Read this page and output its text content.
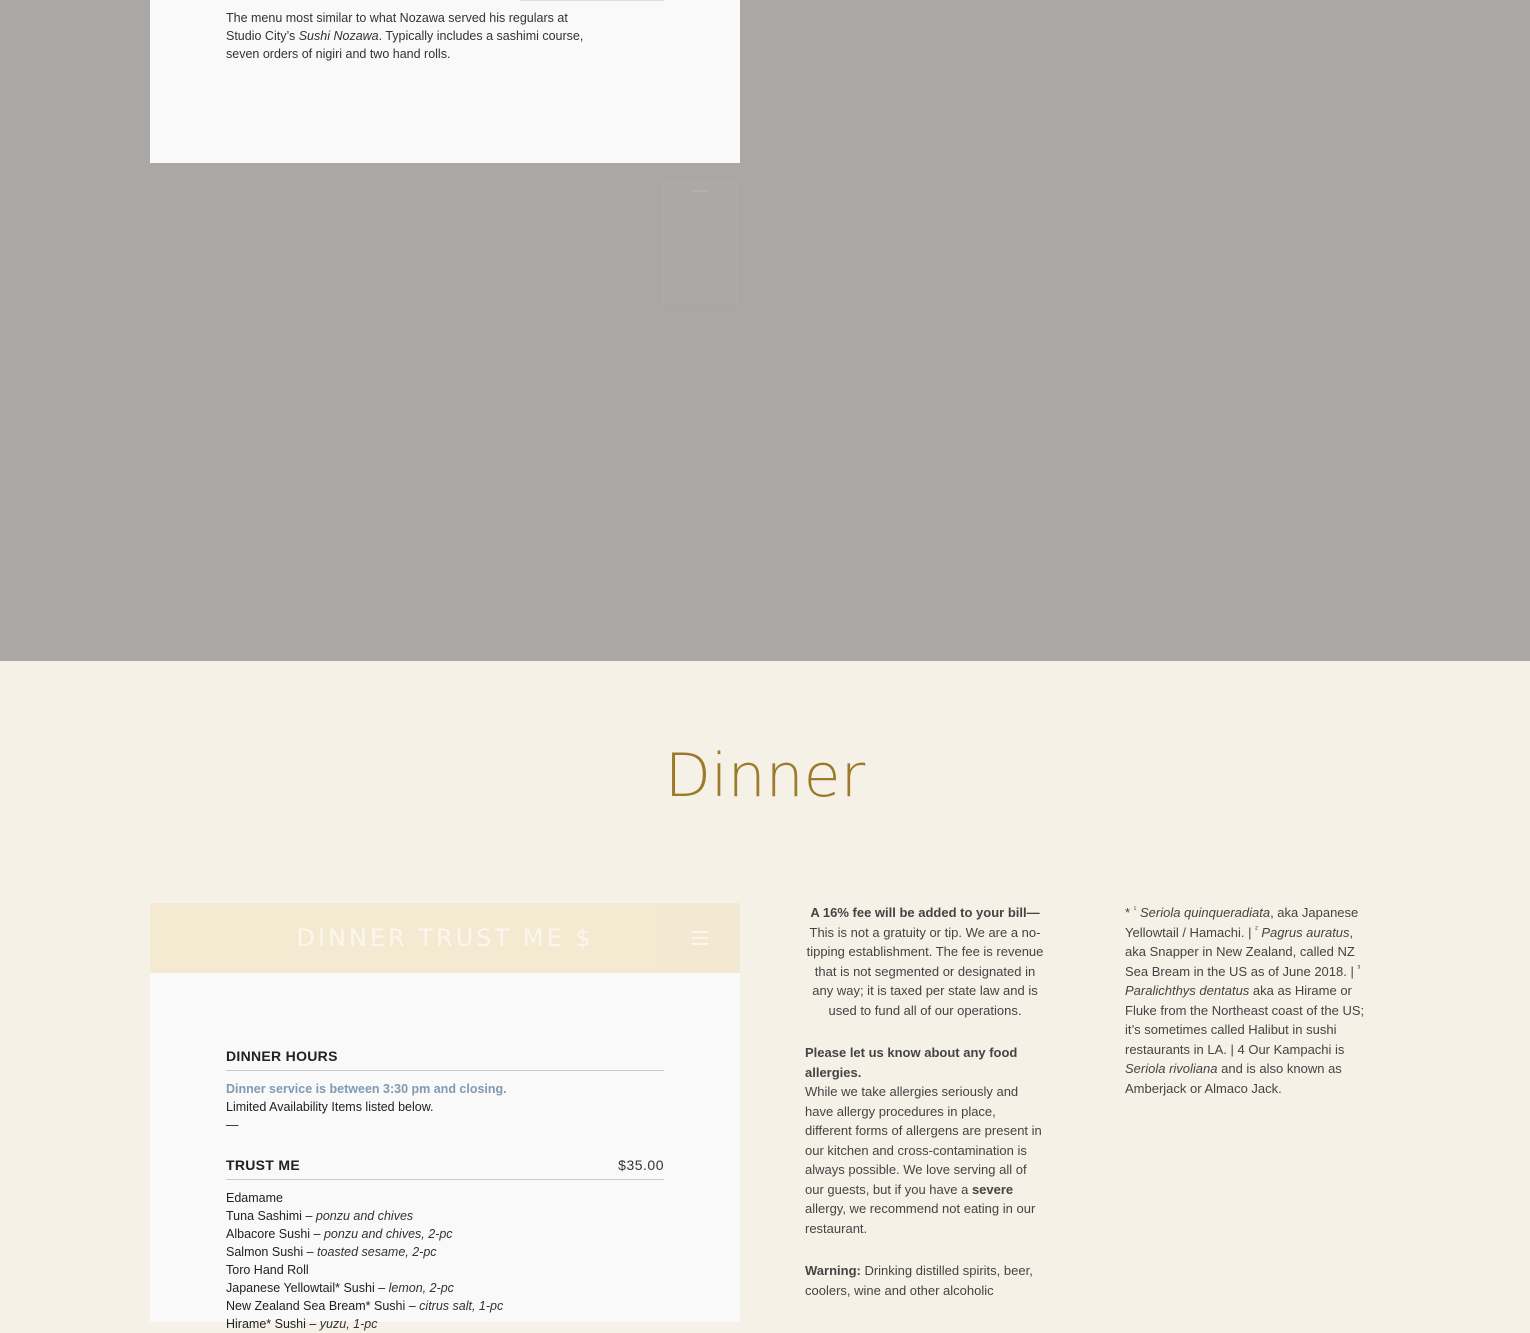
The menu most similar to what Nozawa served his regulars at Studio City’s Sushi Nozawa. Typically includes a sashimi course, seven orders of nigiri and two hand rolls.
Dinner
DINNER TRUST ME $
DINNER HOURS
Dinner service is between 3:30 pm and closing.
Limited Availability Items listed below.
—
TRUST ME	$35.00
Edamame
Tuna Sashimi – ponzu and chives
Albacore Sushi – ponzu and chives, 2-pc
Salmon Sushi – toasted sesame, 2-pc
Toro Hand Roll
Japanese Yellowtail* Sushi – lemon, 2-pc
New Zealand Sea Bream* Sushi – citrus salt, 1-pc
Hirame* Sushi – yuzu, 1-pc

A 16% fee will be added to your bill—
This is not a gratuity or tip. We are a no-tipping establishment. The fee is revenue that is not segmented or designated in any way; it is taxed per state law and is used to fund all of our operations.

Please let us know about any food allergies.
While we take allergies seriously and have allergy procedures in place, different forms of allergens are present in our kitchen and cross-contamination is always possible. We love serving all of our guests, but if you have a severe allergy, we recommend not eating in our restaurant.

Warning: Drinking distilled spirits, beer, coolers, wine and other alcoholic

* $^{^1}$ Seriola quinqueradiata, aka Japanese Yellowtail / Hamachi. | $^{^2}$ Pagrus auratus, aka Snapper in New Zealand, called NZ Sea Bream in the US as of June 2018. | $^{^3}$ Paralichthys dentatus aka as Hirame or Fluke from the Northeast coast of the US; it’s sometimes called Halibut in sushi restaurants in LA. | 4 Our Kampachi is Seriola rivoliana and is also known as Amberjack or Almaco Jack.
